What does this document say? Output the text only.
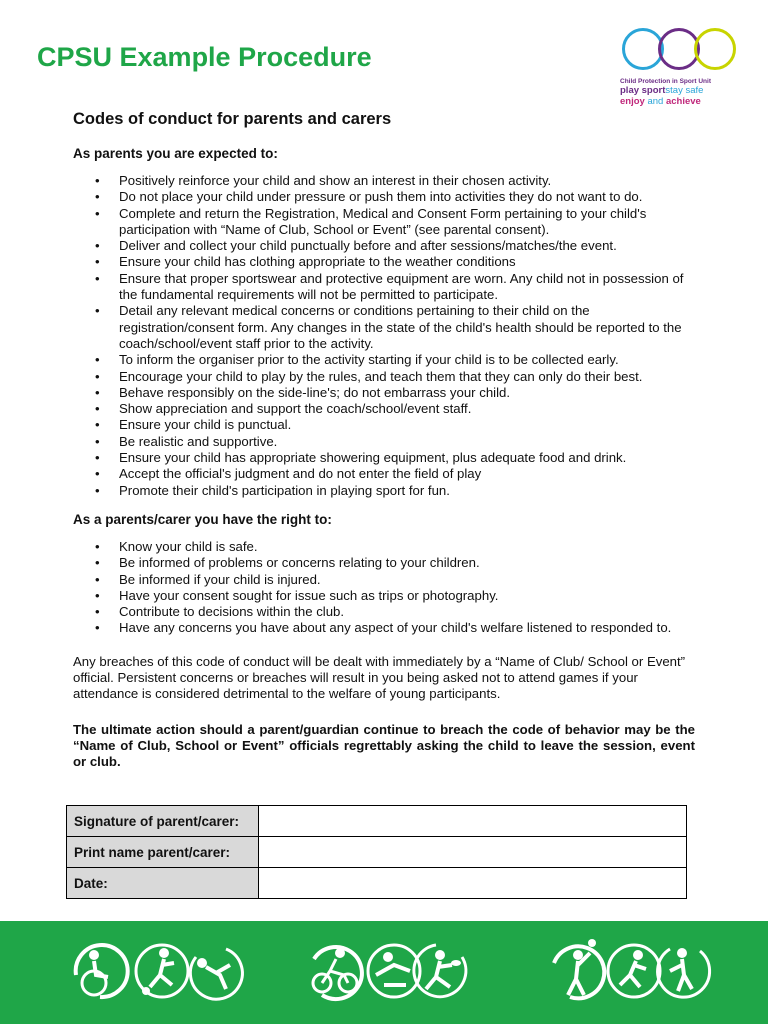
CPSU Example Procedure
Child Protection in Sport Unit
play sportstay safe
enjoy and achieve
Codes of conduct for parents and carers
As parents you are expected to:
• Positively reinforce your child and show an interest in their chosen activity.
• Do not place your child under pressure or push them into activities they do not want to do.
• Complete and return the Registration, Medical and Consent Form pertaining to your child's participation with “Name of Club, School or Event” (see parental consent).
• Deliver and collect your child punctually before and after sessions/matches/the event.
• Ensure your child has clothing appropriate to the weather conditions
• Ensure that proper sportswear and protective equipment are worn. Any child not in possession of the fundamental requirements will not be permitted to participate.
• Detail any relevant medical concerns or conditions pertaining to their child on the registration/consent form. Any changes in the state of the child's health should be reported to the coach/school/event staff prior to the activity.
• To inform the organiser prior to the activity starting if your child is to be collected early.
• Encourage your child to play by the rules, and teach them that they can only do their best.
• Behave responsibly on the side-line's; do not embarrass your child.
• Show appreciation and support the coach/school/event staff.
• Ensure your child is punctual.
• Be realistic and supportive.
• Ensure your child has appropriate showering equipment, plus adequate food and drink.
• Accept the official's judgment and do not enter the field of play
• Promote their child's participation in playing sport for fun.
As a parents/carer you have the right to:
• Know your child is safe.
• Be informed of problems or concerns relating to your children.
• Be informed if your child is injured.
• Have your consent sought for issue such as trips or photography.
• Contribute to decisions within the club.
• Have any concerns you have about any aspect of your child's welfare listened to responded to.

Any breaches of this code of conduct will be dealt with immediately by a “Name of Club/ School or Event” official. Persistent concerns or breaches will result in you being asked not to attend games if your attendance is considered detrimental to the welfare of young participants.

The ultimate action should a parent/guardian continue to breach the code of behavior may be the “Name of Club, School or Event” officials regrettably asking the child to leave the session, event or club.

Signature of parent/carer:	
Print name parent/carer:	
Date:	
